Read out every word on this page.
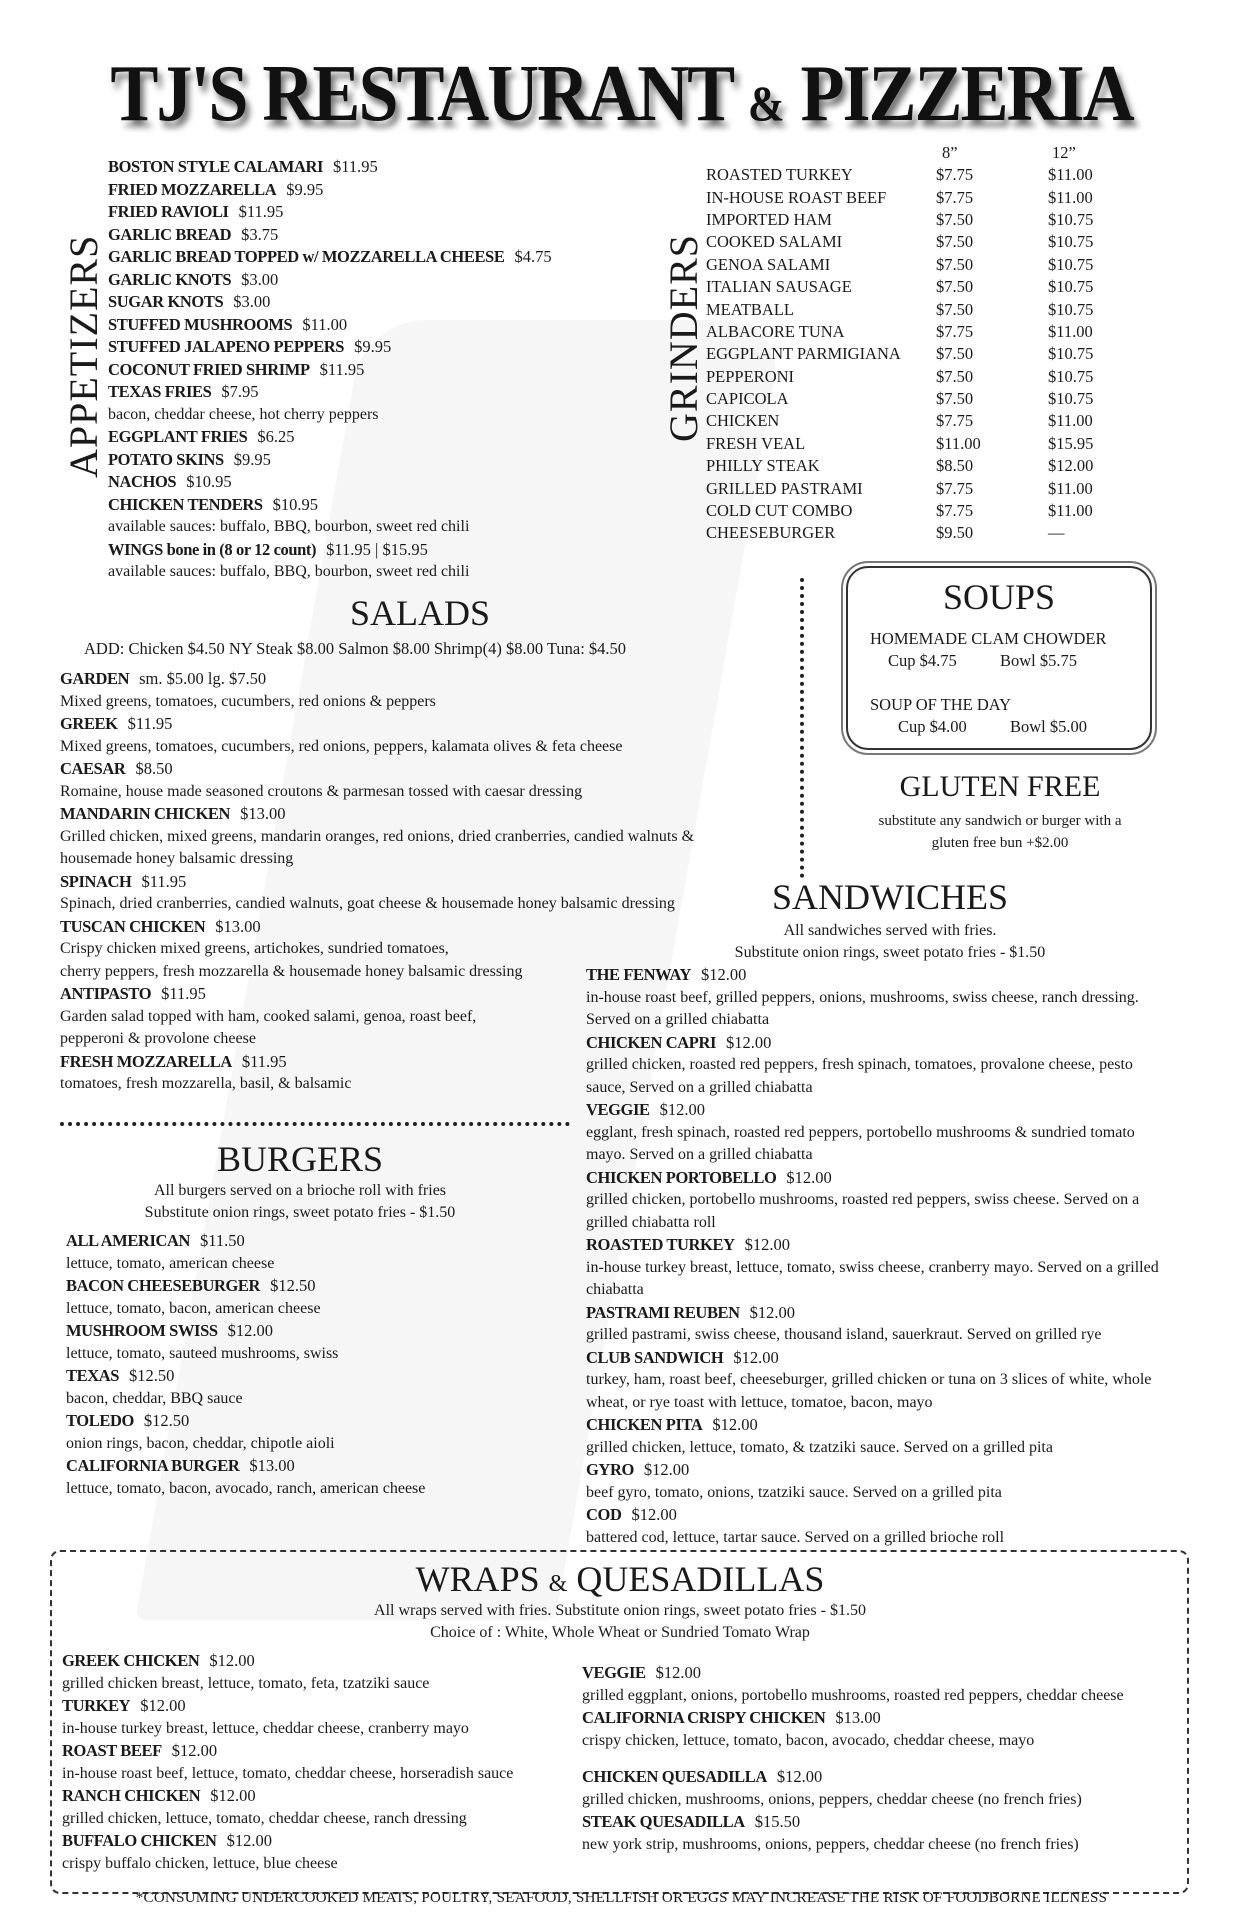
TJ'S RESTAURANT & PIZZERIA
APPETIZERS
BOSTON STYLE CALAMARI $11.95
FRIED MOZZARELLA $9.95
FRIED RAVIOLI $11.95
GARLIC BREAD $3.75
GARLIC BREAD TOPPED w/ MOZZARELLA CHEESE $4.75
GARLIC KNOTS $3.00
SUGAR KNOTS $3.00
STUFFED MUSHROOMS $11.00
STUFFED JALAPENO PEPPERS $9.95
COCONUT FRIED SHRIMP $11.95
TEXAS FRIES $7.95
bacon, cheddar cheese, hot cherry peppers
EGGPLANT FRIES $6.25
POTATO SKINS $9.95
NACHOS $10.95
CHICKEN TENDERS $10.95
available sauces: buffalo, BBQ, bourbon, sweet red chili
WINGS bone in (8 or 12 count) $11.95 | $15.95
available sauces: buffalo, BBQ, bourbon, sweet red chili
GRINDERS
8”	12”
ROASTED TURKEY	$7.75	$11.00
IN-HOUSE ROAST BEEF	$7.75	$11.00
IMPORTED HAM	$7.50	$10.75
COOKED SALAMI	$7.50	$10.75
GENOA SALAMI	$7.50	$10.75
ITALIAN SAUSAGE	$7.50	$10.75
MEATBALL	$7.50	$10.75
ALBACORE TUNA	$7.75	$11.00
EGGPLANT PARMIGIANA	$7.50	$10.75
PEPPERONI	$7.50	$10.75
CAPICOLA	$7.50	$10.75
CHICKEN	$7.75	$11.00
FRESH VEAL	$11.00	$15.95
PHILLY STEAK	$8.50	$12.00
GRILLED PASTRAMI	$7.75	$11.00
COLD CUT COMBO	$7.75	$11.00
CHEESEBURGER	$9.50	—
SOUPS
HOMEMADE CLAM CHOWDER
Cup $4.75	Bowl $5.75
SOUP OF THE DAY
Cup $4.00	Bowl $5.00
GLUTEN FREE
substitute any sandwich or burger with a
gluten free bun +$2.00
SALADS
ADD: Chicken $4.50 NY Steak $8.00 Salmon $8.00 Shrimp(4) $8.00 Tuna: $4.50
GARDEN sm. $5.00 lg. $7.50
Mixed greens, tomatoes, cucumbers, red onions & peppers
GREEK $11.95
Mixed greens, tomatoes, cucumbers, red onions, peppers, kalamata olives & feta cheese
CAESAR $8.50
Romaine, house made seasoned croutons & parmesan tossed with caesar dressing
MANDARIN CHICKEN $13.00
Grilled chicken, mixed greens, mandarin oranges, red onions, dried cranberries, candied walnuts &
housemade honey balsamic dressing
SPINACH $11.95
Spinach, dried cranberries, candied walnuts, goat cheese & housemade honey balsamic dressing
TUSCAN CHICKEN $13.00
Crispy chicken mixed greens, artichokes, sundried tomatoes,
cherry peppers, fresh mozzarella & housemade honey balsamic dressing
ANTIPASTO $11.95
Garden salad topped with ham, cooked salami, genoa, roast beef,
pepperoni & provolone cheese
FRESH MOZZARELLA $11.95
tomatoes, fresh mozzarella, basil, & balsamic
BURGERS
All burgers served on a brioche roll with fries
Substitute onion rings, sweet potato fries - $1.50
ALL AMERICAN $11.50
lettuce, tomato, american cheese
BACON CHEESEBURGER $12.50
lettuce, tomato, bacon, american cheese
MUSHROOM SWISS $12.00
lettuce, tomato, sauteed mushrooms, swiss
TEXAS $12.50
bacon, cheddar, BBQ sauce
TOLEDO $12.50
onion rings, bacon, cheddar, chipotle aioli
CALIFORNIA BURGER $13.00
lettuce, tomato, bacon, avocado, ranch, american cheese
SANDWICHES
All sandwiches served with fries.
Substitute onion rings, sweet potato fries - $1.50
THE FENWAY $12.00
in-house roast beef, grilled peppers, onions, mushrooms, swiss cheese, ranch dressing.
Served on a grilled chiabatta
CHICKEN CAPRI $12.00
grilled chicken, roasted red peppers, fresh spinach, tomatoes, provalone cheese, pesto
sauce, Served on a grilled chiabatta
VEGGIE $12.00
egglant, fresh spinach, roasted red peppers, portobello mushrooms & sundried tomato
mayo. Served on a grilled chiabatta
CHICKEN PORTOBELLO $12.00
grilled chicken, portobello mushrooms, roasted red peppers, swiss cheese. Served on a
grilled chiabatta roll
ROASTED TURKEY $12.00
in-house turkey breast, lettuce, tomato, swiss cheese, cranberry mayo. Served on a grilled
chiabatta
PASTRAMI REUBEN $12.00
grilled pastrami, swiss cheese, thousand island, sauerkraut. Served on grilled rye
CLUB SANDWICH $12.00
turkey, ham, roast beef, cheeseburger, grilled chicken or tuna on 3 slices of white, whole
wheat, or rye toast with lettuce, tomatoe, bacon, mayo
CHICKEN PITA $12.00
grilled chicken, lettuce, tomato, & tzatziki sauce. Served on a grilled pita
GYRO $12.00
beef gyro, tomato, onions, tzatziki sauce. Served on a grilled pita
COD $12.00
battered cod, lettuce, tartar sauce. Served on a grilled brioche roll
WRAPS & QUESADILLAS
All wraps served with fries. Substitute onion rings, sweet potato fries - $1.50
Choice of : White, Whole Wheat or Sundried Tomato Wrap
GREEK CHICKEN $12.00
grilled chicken breast, lettuce, tomato, feta, tzatziki sauce
TURKEY $12.00
in-house turkey breast, lettuce, cheddar cheese, cranberry mayo
ROAST BEEF $12.00
in-house roast beef, lettuce, tomato, cheddar cheese, horseradish sauce
RANCH CHICKEN $12.00
grilled chicken, lettuce, tomato, cheddar cheese, ranch dressing
BUFFALO CHICKEN $12.00
crispy buffalo chicken, lettuce, blue cheese
VEGGIE $12.00
grilled eggplant, onions, portobello mushrooms, roasted red peppers, cheddar cheese
CALIFORNIA CRISPY CHICKEN $13.00
crispy chicken, lettuce, tomato, bacon, avocado, cheddar cheese, mayo
CHICKEN QUESADILLA $12.00
grilled chicken, mushrooms, onions, peppers, cheddar cheese (no french fries)
STEAK QUESADILLA $15.50
new york strip, mushrooms, onions, peppers, cheddar cheese (no french fries)
*CONSUMING UNDERCOOKED MEATS, POULTRY, SEAFOOD, SHELLFISH OR EGGS MAY INCREASE THE RISK OF FOODBORNE ILLNESS
